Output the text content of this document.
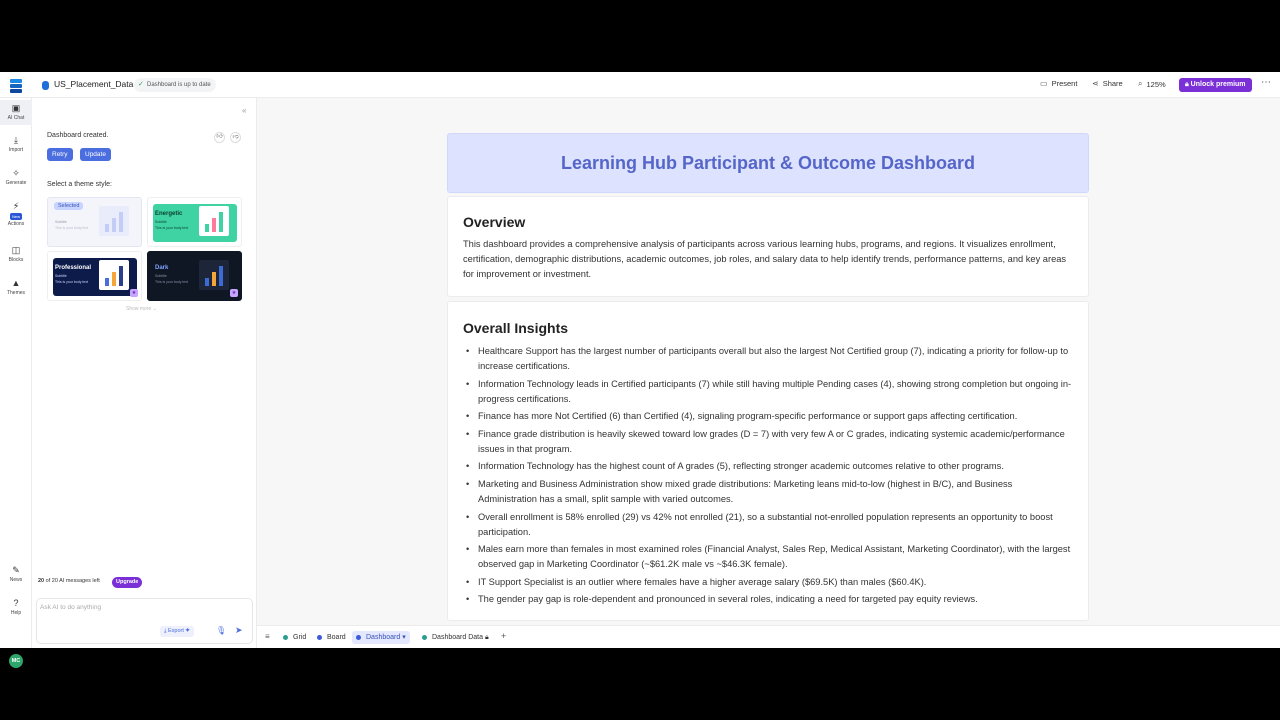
US_Placement_Data ✓ Dashboard is up to date	▭ Present ⋖ Share ⌕ 125%	🔒︎ Unlock premium	⋯
▣
AI Chat
⤓
Import
✧
Generate
⚡︎
New
Actions
◫
Blocks
▲
Themes
✎
News
?
Help
MC
«
Dashboard created.	👍︎	👎︎
Retry	Update
Select a theme style:
Selected
Subtitle
This is your body text
Energetic
Subtitle
This is your body text
Professional
Subtitle
This is your body text
★
Dark
Subtitle
This is your body text
★
Show more ⌄
20 of 20 AI messages left	Upgrade
Ask AI to do anything
⤓ Export ✦	🎙︎ ➤
Learning Hub Participant & Outcome Dashboard
Overview
This dashboard provides a comprehensive analysis of participants across various learning hubs, programs, and regions. It visualizes enrollment, certification, demographic distributions, academic outcomes, job roles, and salary data to help identify trends, performance patterns, and key areas for improvement or investment.
Overall Insights
• Healthcare Support has the largest number of participants overall but also the largest Not Certified group (7), indicating a priority for follow-up to increase certifications.
• Information Technology leads in Certified participants (7) while still having multiple Pending cases (4), showing strong completion but ongoing in-progress certifications.
• Finance has more Not Certified (6) than Certified (4), signaling program-specific performance or support gaps affecting certification.
• Finance grade distribution is heavily skewed toward low grades (D = 7) with very few A or C grades, indicating systemic academic/performance issues in that program.
• Information Technology has the highest count of A grades (5), reflecting stronger academic outcomes relative to other programs.
• Marketing and Business Administration show mixed grade distributions: Marketing leans mid-to-low (highest in B/C), and Business Administration has a small, split sample with varied outcomes.
• Overall enrollment is 58% enrolled (29) vs 42% not enrolled (21), so a substantial not-enrolled population represents an opportunity to boost participation.
• Males earn more than females in most examined roles (Financial Analyst, Sales Rep, Medical Assistant, Marketing Coordinator), with the largest observed gap in Marketing Coordinator (~$61.2K male vs ~$46.3K female).
• IT Support Specialist is an outlier where females have a higher average salary ($69.5K) than males ($60.4K).
• The gender pay gap is role-dependent and pronounced in several roles, indicating a need for targeted pay equity reviews.
≡	Grid	Board	Dashboard ▾	Dashboard Data 🔒︎	+
